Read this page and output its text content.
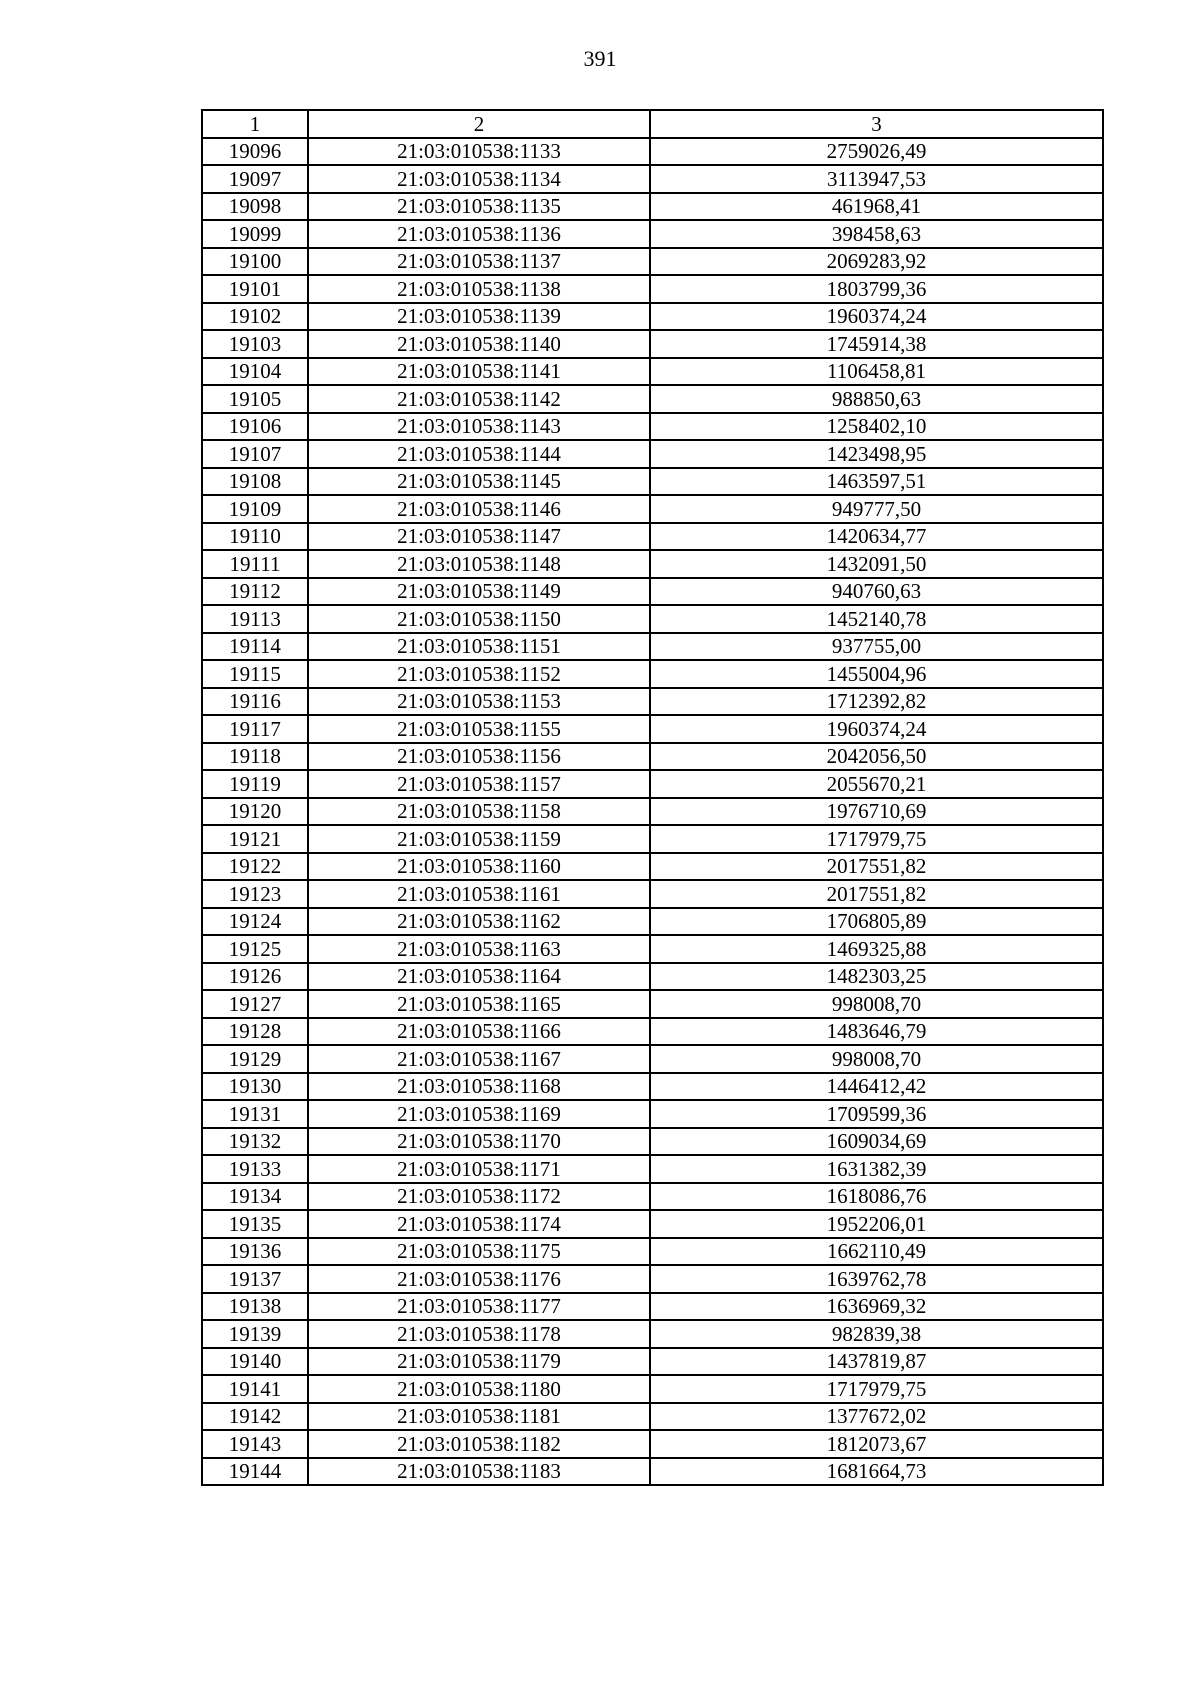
391
1	2	3
19096	21:03:010538:1133	2759026,49
19097	21:03:010538:1134	3113947,53
19098	21:03:010538:1135	461968,41
19099	21:03:010538:1136	398458,63
19100	21:03:010538:1137	2069283,92
19101	21:03:010538:1138	1803799,36
19102	21:03:010538:1139	1960374,24
19103	21:03:010538:1140	1745914,38
19104	21:03:010538:1141	1106458,81
19105	21:03:010538:1142	988850,63
19106	21:03:010538:1143	1258402,10
19107	21:03:010538:1144	1423498,95
19108	21:03:010538:1145	1463597,51
19109	21:03:010538:1146	949777,50
19110	21:03:010538:1147	1420634,77
19111	21:03:010538:1148	1432091,50
19112	21:03:010538:1149	940760,63
19113	21:03:010538:1150	1452140,78
19114	21:03:010538:1151	937755,00
19115	21:03:010538:1152	1455004,96
19116	21:03:010538:1153	1712392,82
19117	21:03:010538:1155	1960374,24
19118	21:03:010538:1156	2042056,50
19119	21:03:010538:1157	2055670,21
19120	21:03:010538:1158	1976710,69
19121	21:03:010538:1159	1717979,75
19122	21:03:010538:1160	2017551,82
19123	21:03:010538:1161	2017551,82
19124	21:03:010538:1162	1706805,89
19125	21:03:010538:1163	1469325,88
19126	21:03:010538:1164	1482303,25
19127	21:03:010538:1165	998008,70
19128	21:03:010538:1166	1483646,79
19129	21:03:010538:1167	998008,70
19130	21:03:010538:1168	1446412,42
19131	21:03:010538:1169	1709599,36
19132	21:03:010538:1170	1609034,69
19133	21:03:010538:1171	1631382,39
19134	21:03:010538:1172	1618086,76
19135	21:03:010538:1174	1952206,01
19136	21:03:010538:1175	1662110,49
19137	21:03:010538:1176	1639762,78
19138	21:03:010538:1177	1636969,32
19139	21:03:010538:1178	982839,38
19140	21:03:010538:1179	1437819,87
19141	21:03:010538:1180	1717979,75
19142	21:03:010538:1181	1377672,02
19143	21:03:010538:1182	1812073,67
19144	21:03:010538:1183	1681664,73
